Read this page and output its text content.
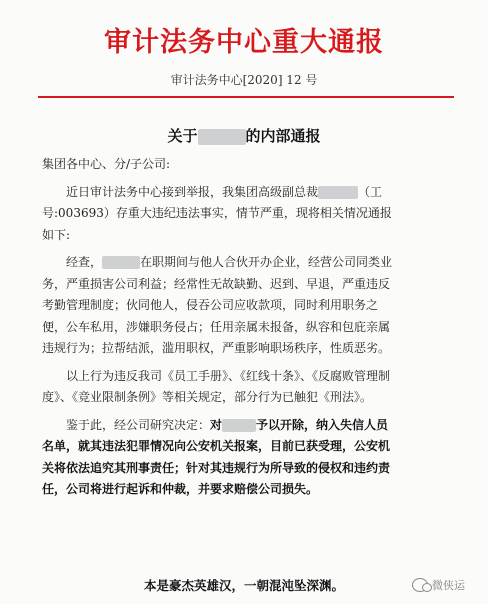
审计法务中心重大通报
审计法务中心[2020] 12 号
关于	的内部通报

集团各中心、分/子公司:

近日审计法务中心接到举报，我集团高级副总裁	（工

号:003693）存重大违纪违法事实，情节严重，现将相关情况通报

如下:

经查，	在职期间与他人合伙开办企业，经营公司同类业

务，严重损害公司利益；经常性无故缺勤、迟到、早退，严重违反

考勤管理制度；伙同他人，侵吞公司应收款项，同时利用职务之

便，公车私用，涉嫌职务侵占；任用亲属未报备，纵容和包庇亲属

违规行为；拉帮结派，滥用职权，严重影响职场秩序，性质恶劣。

以上行为违反我司《员工手册》、《红线十条》、《反腐败管理制

度》、《竞业限制条例》等相关规定，部分行为已触犯《刑法》。

鉴于此，经公司研究决定：对	予以开除，纳入失信人员

名单，就其违法犯罪情况向公安机关报案，目前已获受理，公安机

关将依法追究其刑事责任；针对其违规行为所导致的侵权和违约责

任，公司将进行起诉和仲裁，并要求赔偿公司损失。

本是豪杰英雄汉，一朝混沌坠深渊。	微侠运
